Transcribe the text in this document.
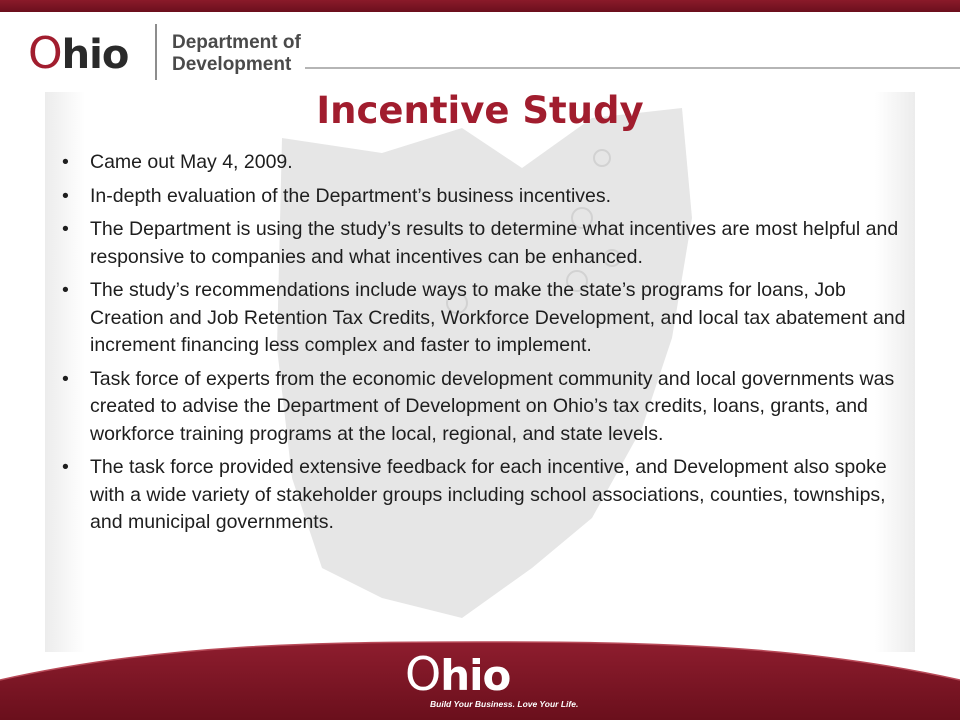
Ohio Department of
Development
Incentive Study
• Came out May 4, 2009.
• In-depth evaluation of the Department’s business incentives.
• The Department is using the study’s results to determine what incentives are most helpful and responsive to companies and what incentives can be enhanced.
• The study’s recommendations include ways to make the state’s programs for loans, Job Creation and Job Retention Tax Credits, Workforce Development, and local tax abatement and increment financing less complex and faster to implement.
• Task force of experts from the economic development community and local governments was created to advise the Department of Development on Ohio’s tax credits, loans, grants, and workforce training programs at the local, regional, and state levels.
• The task force provided extensive feedback for each incentive, and Development also spoke with a wide variety of stakeholder groups including school associations, counties, townships, and municipal governments.
Ohio
Build Your Business. Love Your Life.
